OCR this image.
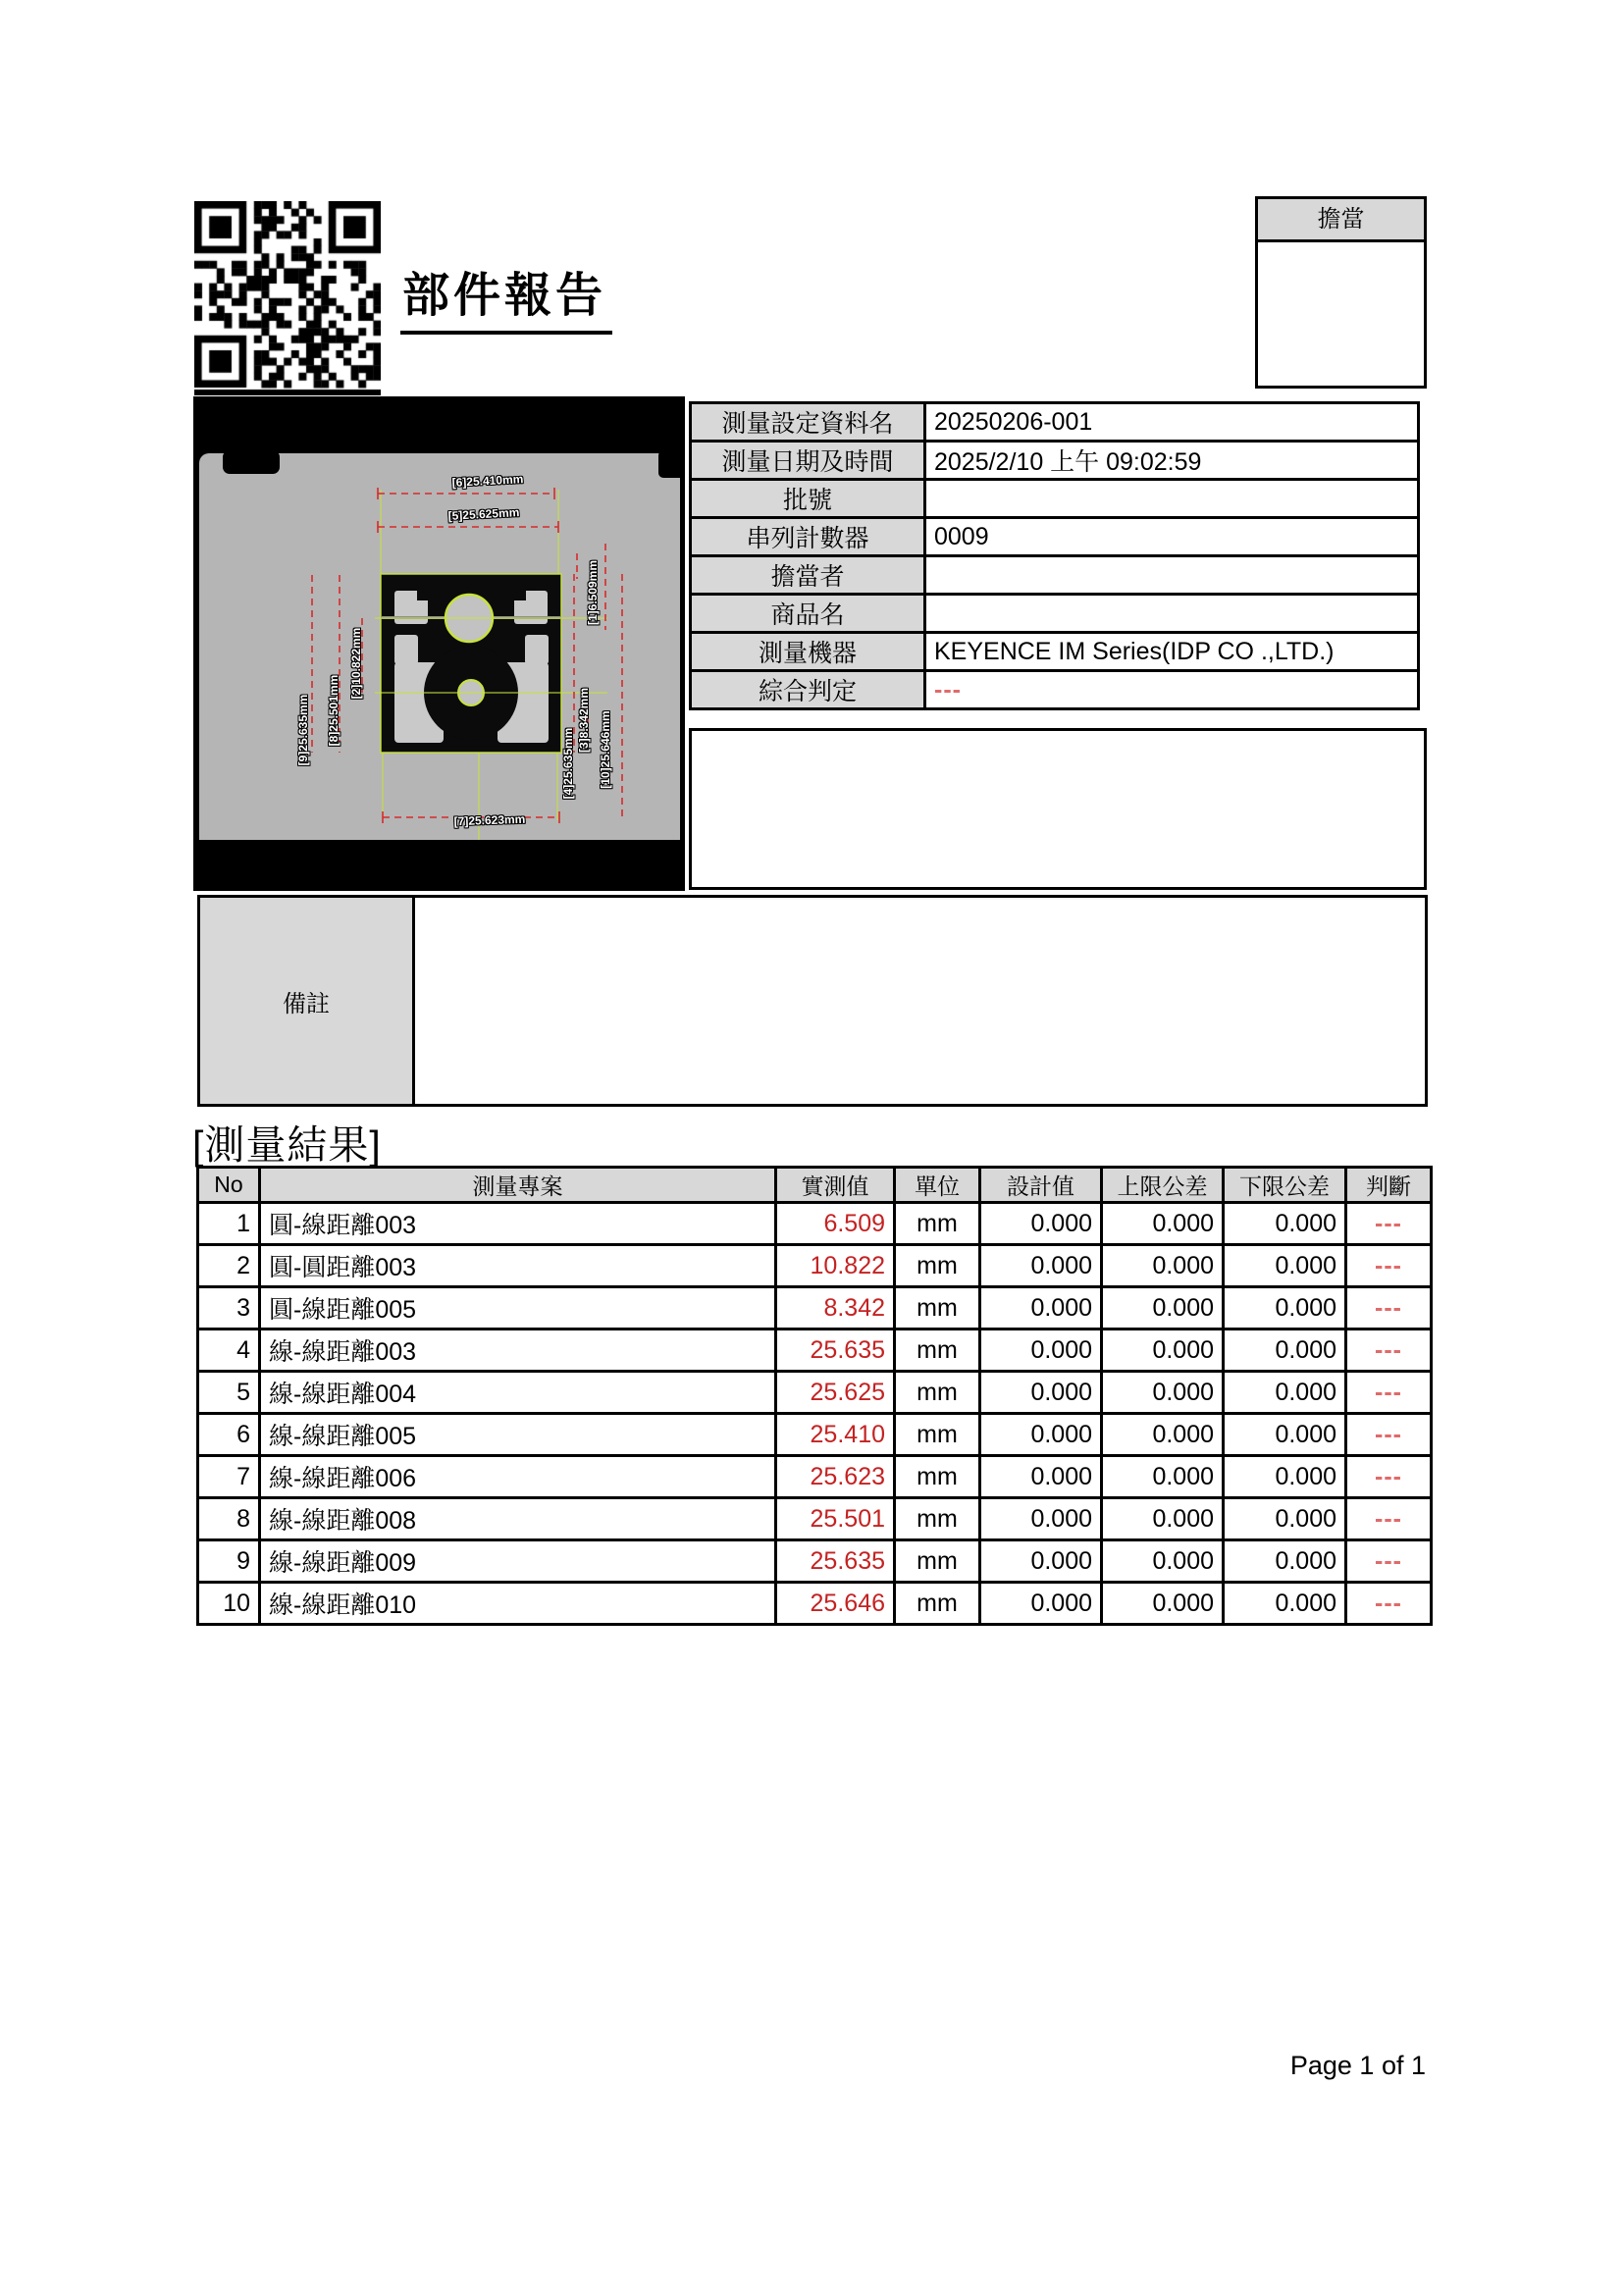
部件報告
擔當
[6]25.410mm
[5]25.625mm
[1]6.509mm
[2]10.822mm
[8]25.501mm
[9]25.635mm	[4]25.635mm
[3]8.342mm [10]25.646mm
[7]25.623mm
測量設定資料名	20250206-001
測量日期及時間	2025/2/10 上午 09:02:59
批號	
串列計數器	0009
擔當者	
商品名	
測量機器	KEYENCE IM Series(IDP CO .,LTD.)
綜合判定	---
備註
[測量結果]
No	測量專案	實測值	單位	設計值	上限公差	下限公差	判斷
1	圓-線距離003	6.509	mm	0.000	0.000	0.000	---
2	圓-圓距離003	10.822	mm	0.000	0.000	0.000	---
3	圓-線距離005	8.342	mm	0.000	0.000	0.000	---
4	線-線距離003	25.635	mm	0.000	0.000	0.000	---
5	線-線距離004	25.625	mm	0.000	0.000	0.000	---
6	線-線距離005	25.410	mm	0.000	0.000	0.000	---
7	線-線距離006	25.623	mm	0.000	0.000	0.000	---
8	線-線距離008	25.501	mm	0.000	0.000	0.000	---
9	線-線距離009	25.635	mm	0.000	0.000	0.000	---
10	線-線距離010	25.646	mm	0.000	0.000	0.000	---
Page 1 of 1
